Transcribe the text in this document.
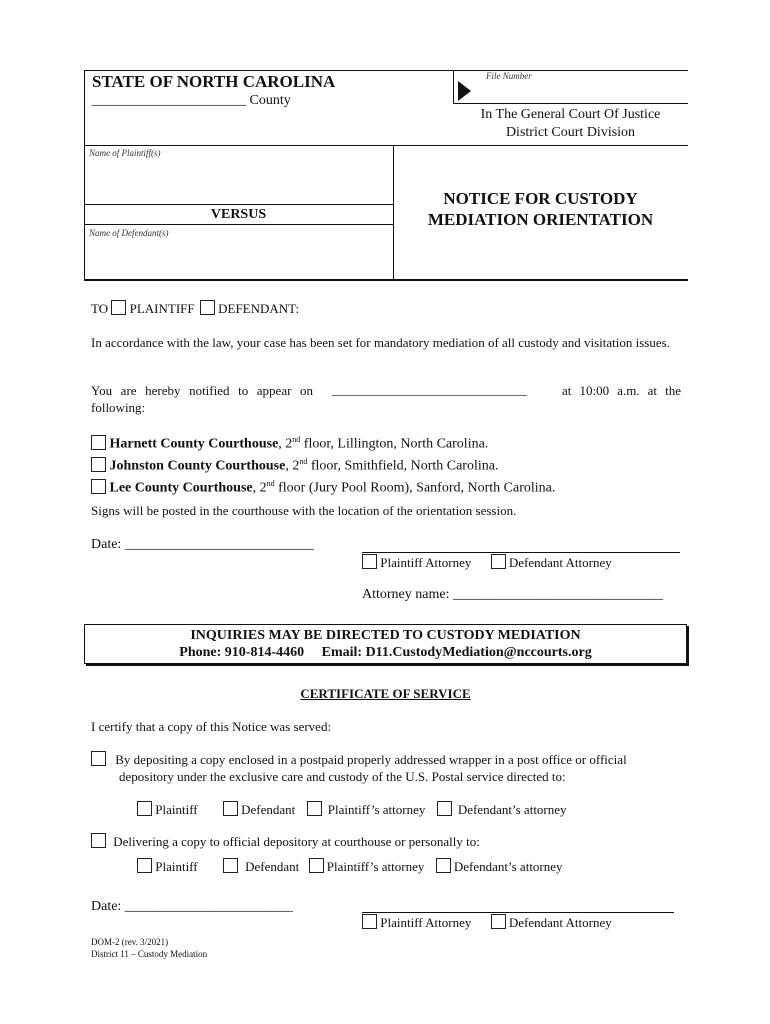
STATE OF NORTH CAROLINA
______________________ County
File Number
In The General Court Of Justice
District Court Division
Name of Plaintiff(s)
VERSUS
Name of Defendant(s)
NOTICE FOR CUSTODY
MEDIATION ORIENTATION
TO PLAINTIFF DEFENDANT:
In accordance with the law, your case has been set for mandatory mediation of all custody and visitation issues.
You are hereby notified to appear on
following:
______________________________	at 10:00 a.m. at the
Harnett County Courthouse, 2nd floor, Lillington, North Carolina.
Johnston County Courthouse, 2nd floor, Smithfield, North Carolina.
Lee County Courthouse, 2nd floor (Jury Pool Room), Sanford, North Carolina.
Signs will be posted in the courthouse with the location of the orientation session.
Date: ___________________________
Plaintiff Attorney	Defendant Attorney
Attorney name: ______________________________
INQUIRIES MAY BE DIRECTED TO CUSTODY MEDIATION
Phone: 910-814-4460 Email: D11.CustodyMediation@nccourts.org
CERTIFICATE OF SERVICE
I certify that a copy of this Notice was served:
By depositing a copy enclosed in a postpaid properly addressed wrapper in a post office or official
depository under the exclusive care and custody of the U.S. Postal service directed to:
Plaintiff	Defendant	Plaintiff’s attorney	Defendant’s attorney
Delivering a copy to official depository at courthouse or personally to:
Plaintiff	Defendant Plaintiff’s attorney Defendant’s attorney
Date: ________________________
Plaintiff Attorney	Defendant Attorney
DOM-2 (rev. 3/2021)
District 11 – Custody Mediation
